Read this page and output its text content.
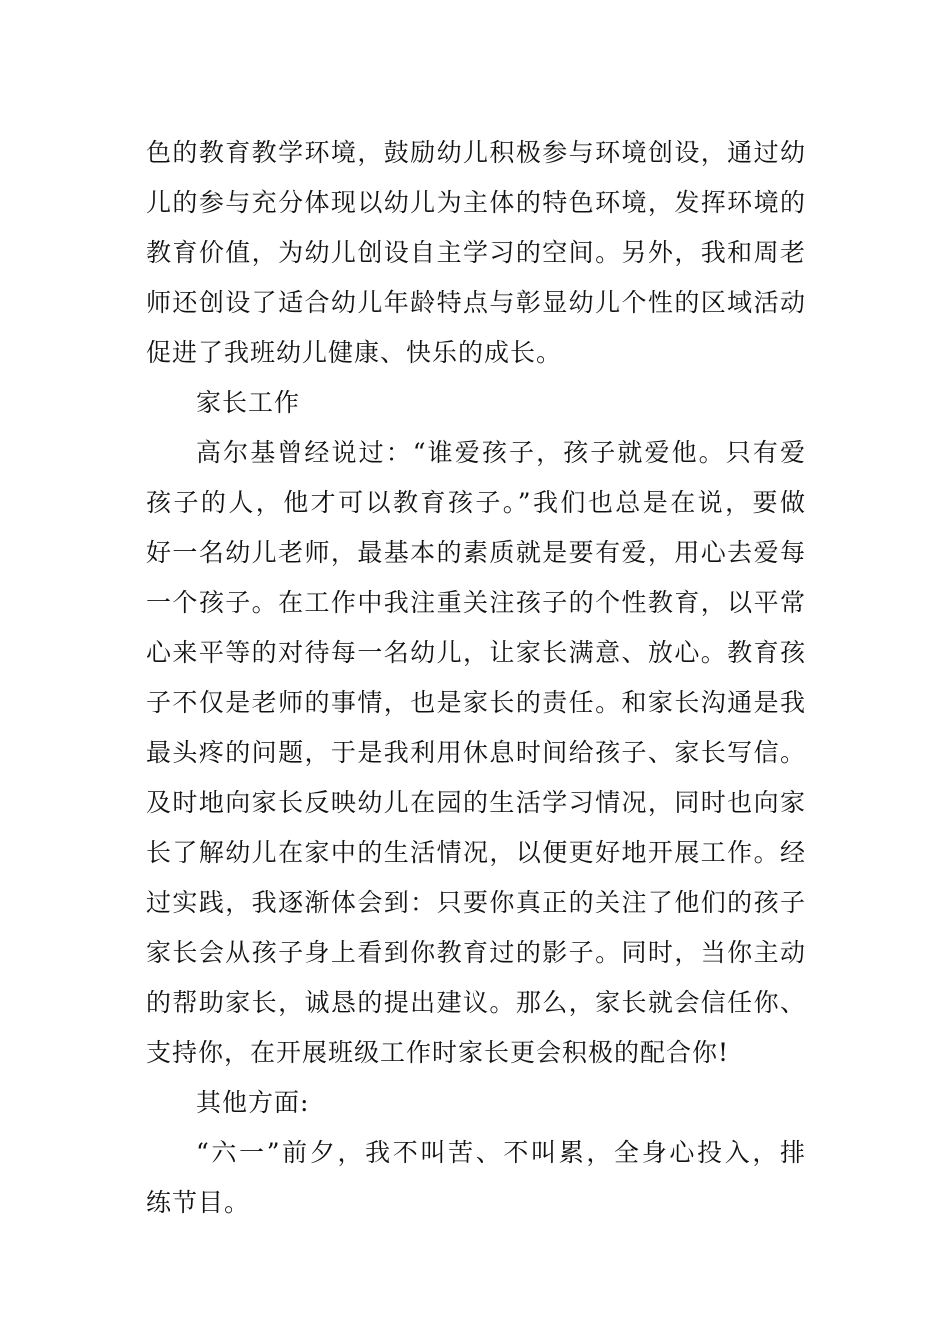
色的教育教学环境，鼓励幼儿积极参与环境创设，通过幼
儿的参与充分体现以幼儿为主体的特色环境，发挥环境的
教育价值，为幼儿创设自主学习的空间。另外，我和周老
师还创设了适合幼儿年龄特点与彰显幼儿个性的区域活动
促进了我班幼儿健康、快乐的成长。
家长工作
高尔基曾经说过：“谁爱孩子，孩子就爱他。只有爱
孩子的人，他才可以教育孩子。”我们也总是在说，要做
好一名幼儿老师，最基本的素质就是要有爱，用心去爱每
一个孩子。在工作中我注重关注孩子的个性教育，以平常
心来平等的对待每一名幼儿，让家长满意、放心。教育孩
子不仅是老师的事情，也是家长的责任。和家长沟通是我
最头疼的问题，于是我利用休息时间给孩子、家长写信。
及时地向家长反映幼儿在园的生活学习情况，同时也向家
长了解幼儿在家中的生活情况，以便更好地开展工作。经
过实践，我逐渐体会到：只要你真正的关注了他们的孩子
家长会从孩子身上看到你教育过的影子。同时，当你主动
的帮助家长，诚恳的提出建议。那么，家长就会信任你、
支持你，在开展班级工作时家长更会积极的配合你!
其他方面:
“六一”前夕，我不叫苦、不叫累，全身心投入，排
练节目。
